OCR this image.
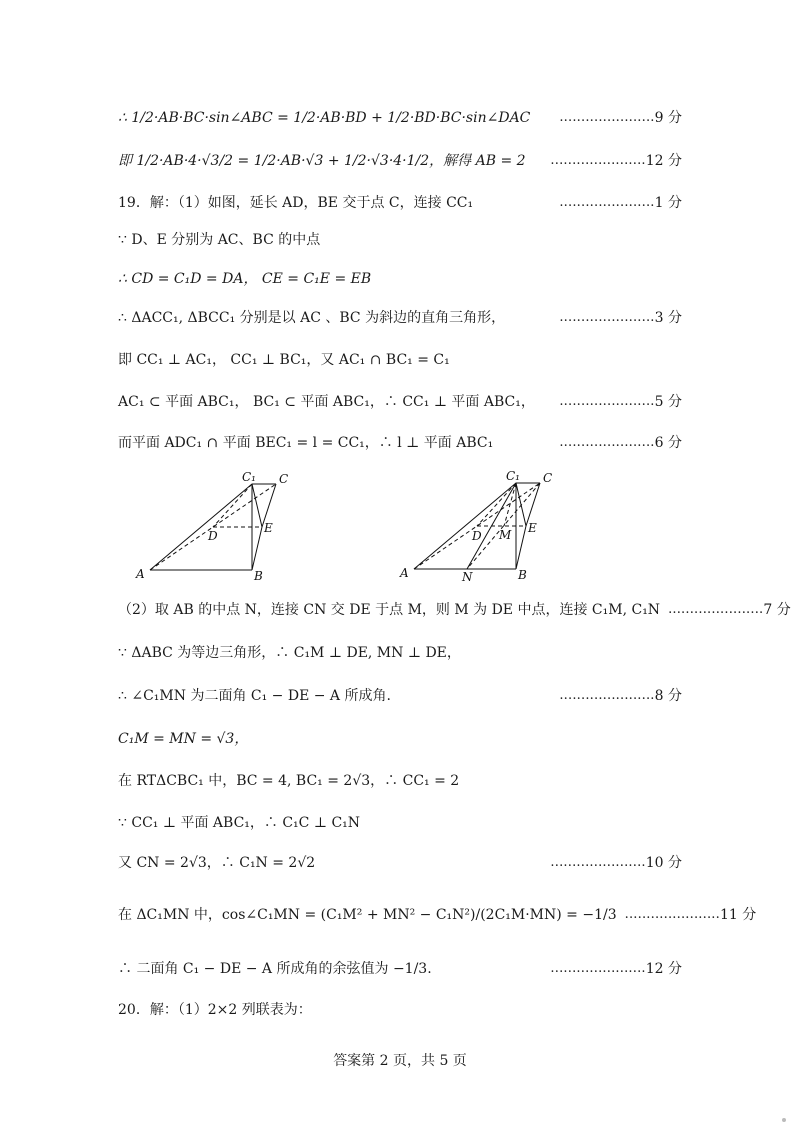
∴ 1/2·AB·BC·sin∠ABC = 1/2·AB·BD + 1/2·BD·BC·sin∠DAC .....	9 分
即 1/2·AB·4·√3/2 = 1/2·AB·√3 + 1/2·√3·4·1/2，解得 AB = 2 .....	12 分
19．解：（1）如图，延长 AD，BE 交于点 C，连接 CC₁ .....	1 分
∵ D、E 分别为 AC、BC 的中点
∴ CD = C₁D = DA， CE = C₁E = EB
∴ ΔACC₁, ΔBCC₁ 分别是以 AC 、BC 为斜边的直角三角形， .....	3 分
即 CC₁ ⊥ AC₁， CC₁ ⊥ BC₁，又 AC₁ ∩ BC₁ = C₁
AC₁ ⊂ 平面 ABC₁， BC₁ ⊂ 平面 ABC₁，∴ CC₁ ⊥ 平面 ABC₁， .....	5 分
而平面 ADC₁ ∩ 平面 BEC₁ = l = CC₁，∴ l ⊥ 平面 ABC₁ .....	6 分
C₁ C
D
E
A	B
C₁ C
D M E
A	N	B
（2）取 AB 的中点 N，连接 CN 交 DE 于点 M，则 M 为 DE 中点，连接 C₁M, C₁N .....	7 分
∵ ΔABC 为等边三角形，∴ C₁M ⊥ DE, MN ⊥ DE，
∴ ∠C₁MN 为二面角 C₁ − DE − A 所成角. .....	8 分
C₁M = MN = √3，
在 RTΔCBC₁ 中，BC = 4, BC₁ = 2√3，∴ CC₁ = 2
∵ CC₁ ⊥ 平面 ABC₁，∴ C₁C ⊥ C₁N
又 CN = 2√3，∴ C₁N = 2√2 .....	10 分
在 ΔC₁MN 中，cos∠C₁MN = (C₁M² + MN² − C₁N²)/(2C₁M·MN) = −1/3 .....	11 分
∴ 二面角 C₁ − DE − A 所成角的余弦值为 −1/3. .....	12 分
20．解：（1）2×2 列联表为：
答案第 2 页，共 5 页
